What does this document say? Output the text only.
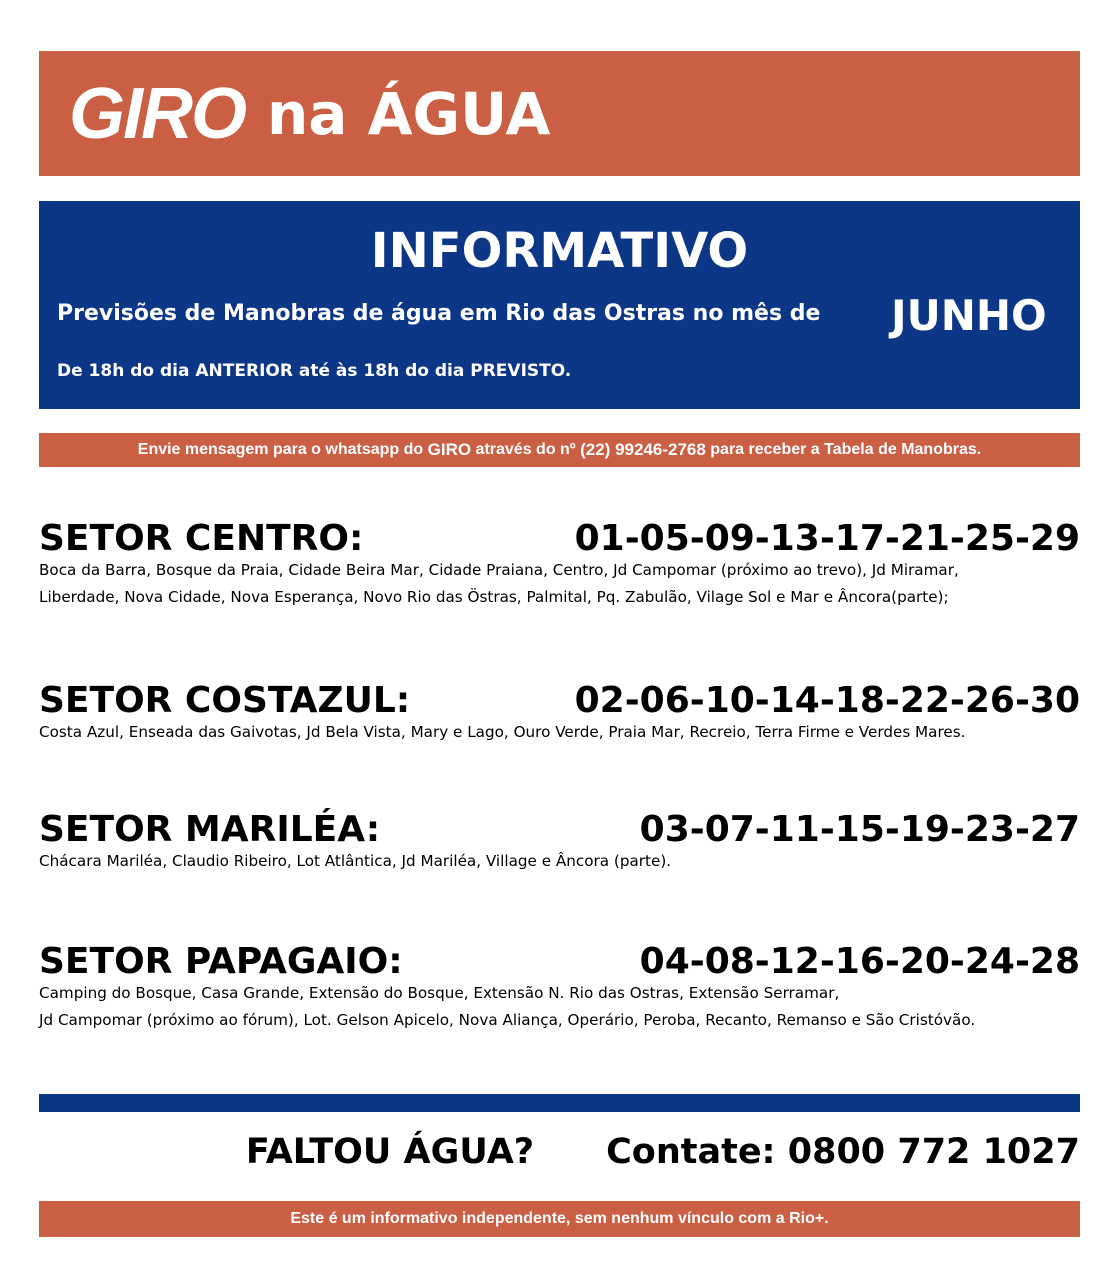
GIRO na ÁGUA
INFORMATIVO
Previsões de Manobras de água em Rio das Ostras no mês de JUNHO
De 18h do dia ANTERIOR até às 18h do dia PREVISTO.
Envie mensagem para o whatsapp do
GIRO
através do nº
(22) 99246-2768
para receber a Tabela de Manobras.
SETOR CENTRO:	01-05-09-13-17-21-25-29
Boca da Barra, Bosque da Praia, Cidade Beira Mar, Cidade Praiana, Centro, Jd Campomar (próximo ao trevo), Jd Miramar,
Liberdade, Nova Cidade, Nova Esperança, Novo Rio das Östras, Palmital, Pq. Zabulão, Vilage Sol e Mar e Âncora(parte);
SETOR COSTAZUL:	02-06-10-14-18-22-26-30
Costa Azul, Enseada das Gaivotas, Jd Bela Vista, Mary e Lago, Ouro Verde, Praia Mar, Recreio, Terra Firme e Verdes Mares.
SETOR MARILÉA:	03-07-11-15-19-23-27
Chácara Mariléa, Claudio Ribeiro, Lot Atlântica, Jd Mariléa, Village e Âncora (parte).
SETOR PAPAGAIO:	04-08-12-16-20-24-28
Camping do Bosque, Casa Grande, Extensão do Bosque, Extensão N. Rio das Ostras, Extensão Serramar,
Jd Campomar (próximo ao fórum), Lot. Gelson Apicelo, Nova Aliança, Operário, Peroba, Recanto, Remanso e São Cristóvão.
FALTOU ÁGUA? Contate: 0800 772 1027
Este é um informativo independente, sem nenhum vínculo com a Rio+.
